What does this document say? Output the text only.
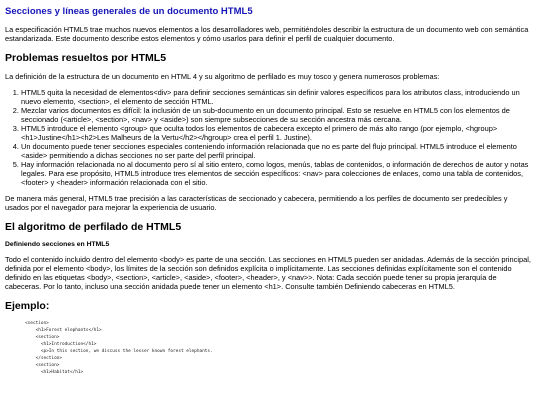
Secciones y líneas generales de un documento HTML5

La especificación HTML5 trae muchos nuevos elementos a los desarrolladores web, permitiéndoles describir la estructura de un documento web con semántica estandarizada. Este documento describe estos elementos y cómo usarlos para definir el perfil de cualquier documento.

Problemas resueltos por HTML5

La definición de la estructura de un documento en HTML 4 y su algoritmo de perfilado es muy tosco y genera numerosos problemas:

1. HTML5 quita la necesidad de elementos<div> para definir secciones semánticas sin definir valores específicos para los atributos class, introduciendo un nuevo elemento, <section>, el elemento de sección HTML.
2. Mezclar varios documentos es difícil: la inclusión de un sub-documento en un documento principal. Esto se resuelve en HTML5 con los elementos de seccionado (<article>, <section>, <nav> y <aside>) son siempre subsecciones de su sección ancestra más cercana.
3. HTML5 introduce el elemento <group> que oculta todos los elementos de cabecera excepto el primero de más alto rango (por ejemplo, <hgroup><h1>Justine</h1><h2>Les Malheurs de la Vertu</h2></hgroup> crea el perfil 1. Justine).
4. Un documento puede tener secciones especiales conteniendo información relacionada que no es parte del flujo principal. HTML5 introduce el elemento <aside> permitiendo a dichas secciones no ser parte del perfil principal.
5. Hay información relacionada no al documento pero sí al sitio entero, como logos, menús, tablas de contenidos, o información de derechos de autor y notas legales. Para ese propósito, HTML5 introduce tres elementos de sección específicos: <nav> para colecciones de enlaces, como una tabla de contenidos, <footer> y <header> información relacionada con el sitio.

De manera más general, HTML5 trae precisión a las características de seccionado y cabecera, permitiendo a los perfiles de documento ser predecibles y usados por el navegador para mejorar la experiencia de usuario.

El algoritmo de perfilado de HTML5
Definiendo secciones en HTML5

Todo el contenido incluido dentro del elemento <body> es parte de una sección. Las secciones en HTML5 pueden ser anidadas. Además de la sección principal, definida por el elemento <body>, los límites de la sección son definidos explícita o implícitamente. Las secciones definidas explícitamente son el contenido definido en las etiquetas <body>, <section>, <article>, <aside>, <footer>, <header>, y <nav>>. Nota: Cada sección puede tener su propia jerarquía de cabeceras. Por lo tanto, incluso una sección anidada puede tener un elemento <h1>. Consulte también Definiendo cabeceras en HTML5.

Ejemplo:
<section>
<h1>Forest elephants</h1>
<section>
<h1>Introduction</h1>
<p>In this section, we discuss the lesser known forest elephants.
</section>
<section>
<h1>Habitat</h1>
